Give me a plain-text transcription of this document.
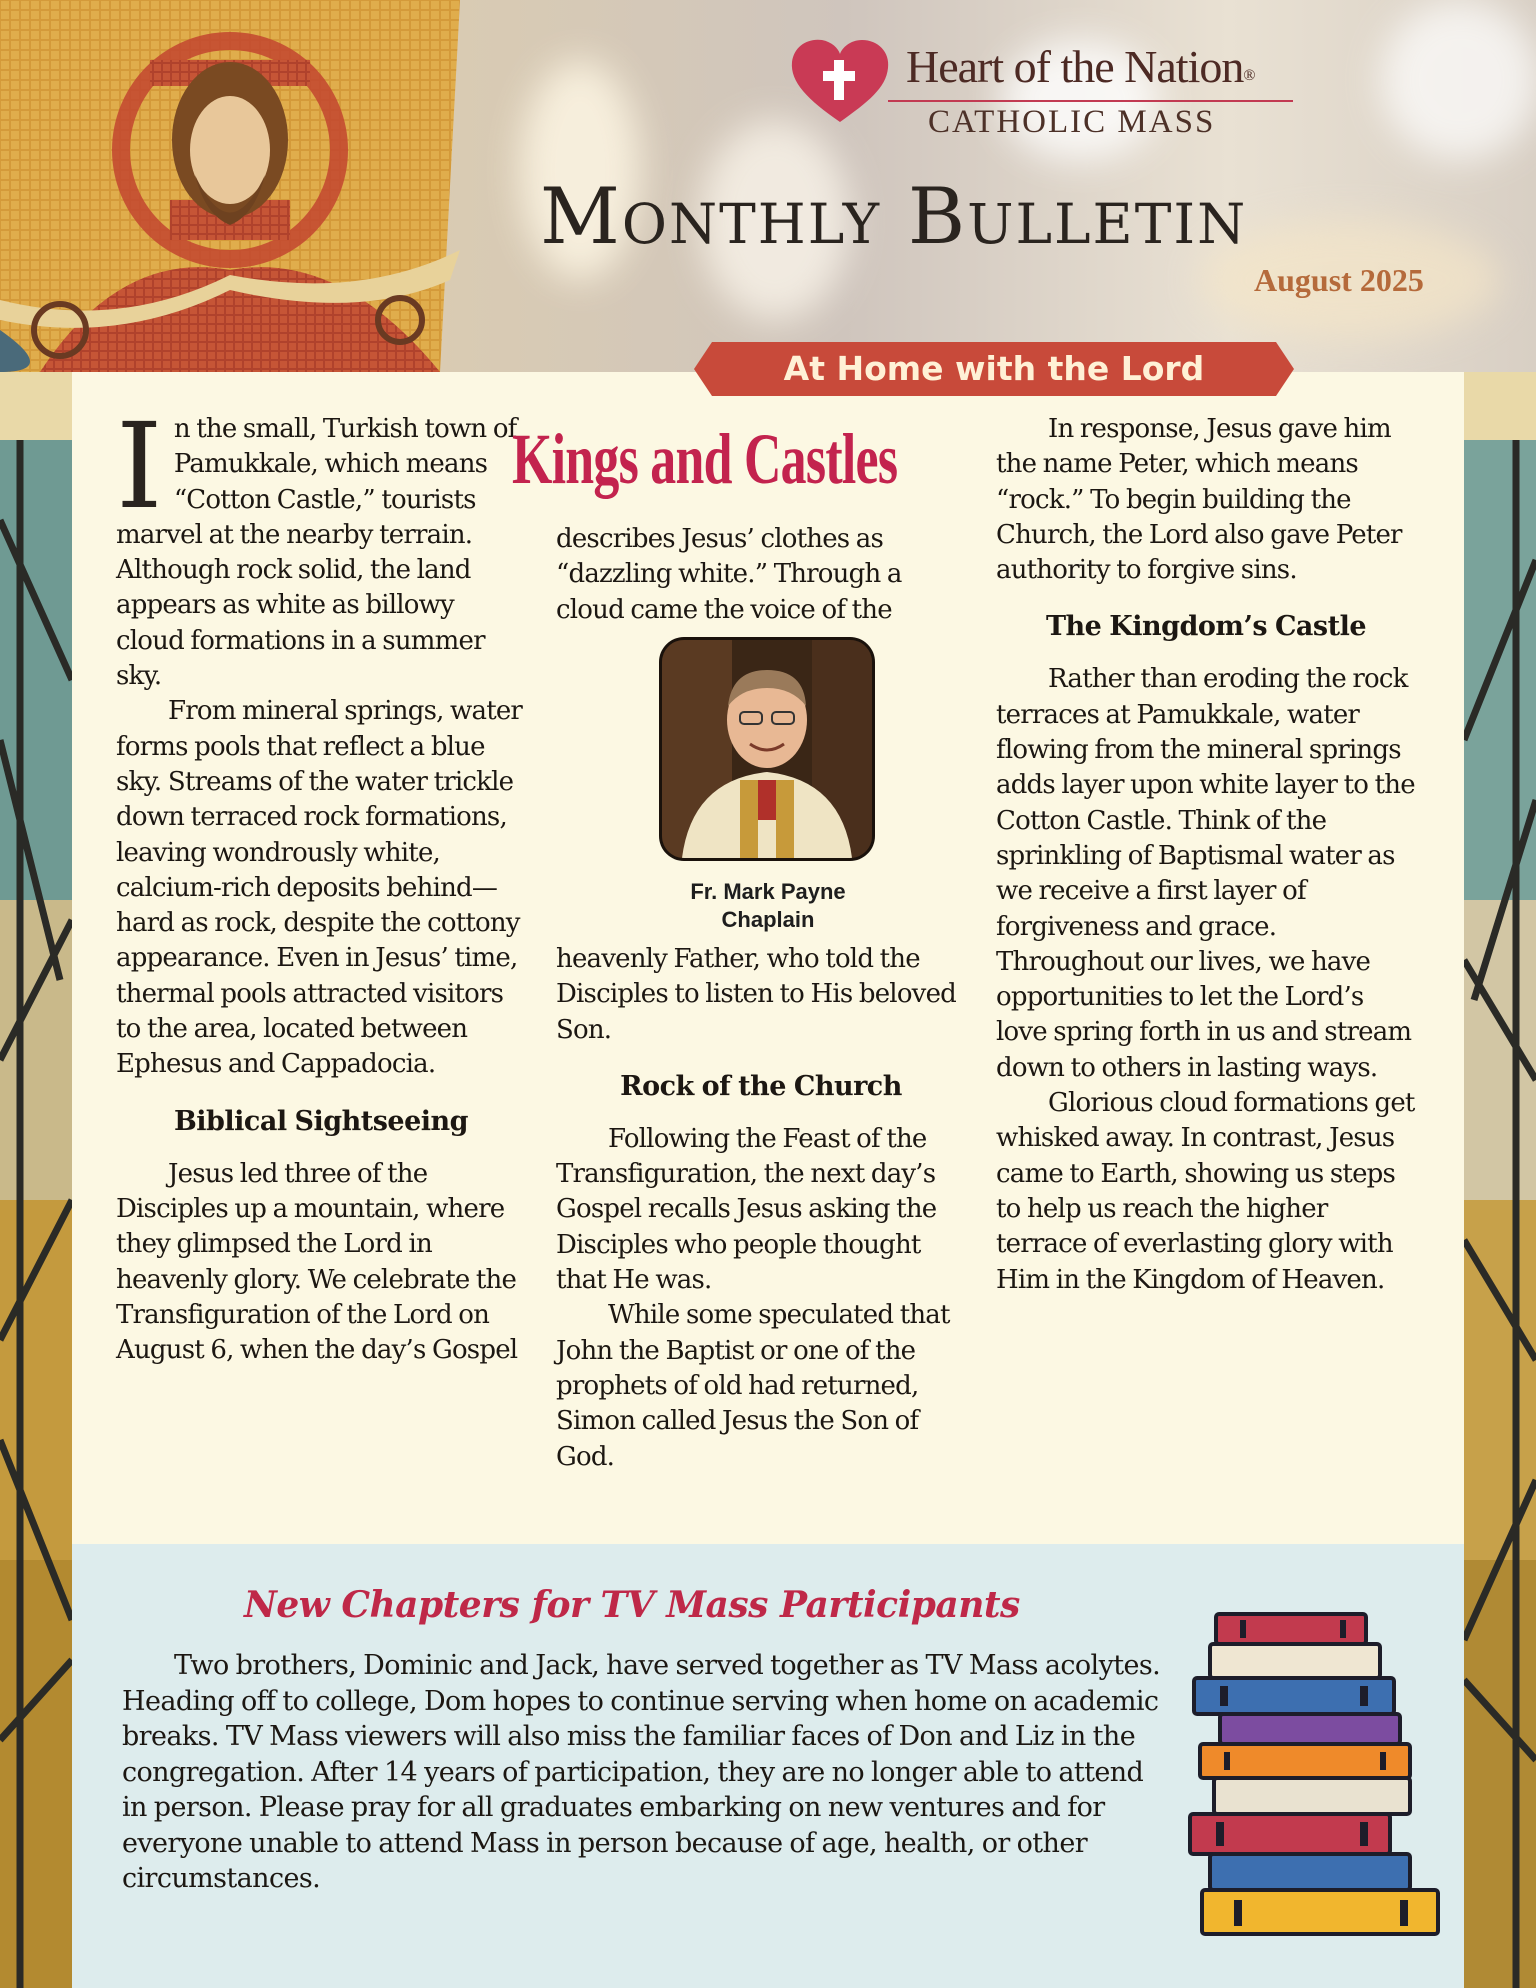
Heart of the Nation®
CATHOLIC MASS
Monthly Bulletin
August 2025
At Home with the Lord

In the small, Turkish town of Pamukkale, which means “Cotton Castle,” tourists marvel at the nearby terrain. Although rock solid, the land appears as white as billowy cloud formations in a summer sky.

From mineral springs, water forms pools that reflect a blue sky. Streams of the water trickle down terraced rock formations, leaving wondrously white, calcium-rich deposits behind—hard as rock, despite the cottony appearance. Even in Jesus’ time, thermal pools attracted visitors to the area, located between Ephesus and Cappadocia.

Biblical Sightseeing

Jesus led three of the Disciples up a mountain, where they glimpsed the Lord in heavenly glory. We celebrate the Transfiguration of the Lord on August 6, when the day’s Gospel

Kings and Castles

describes Jesus’ clothes as “dazzling white.” Through a cloud came the voice of the

Fr. Mark Payne
Chaplain

heavenly Father, who told the Disciples to listen to His beloved Son.

Rock of the Church

Following the Feast of the Transfiguration, the next day’s Gospel recalls Jesus asking the Disciples who people thought that He was.

While some speculated that John the Baptist or one of the prophets of old had returned, Simon called Jesus the Son of God.

In response, Jesus gave him the name Peter, which means “rock.” To begin building the Church, the Lord also gave Peter authority to forgive sins.

The Kingdom’s Castle

Rather than eroding the rock terraces at Pamukkale, water flowing from the mineral springs adds layer upon white layer to the Cotton Castle. Think of the sprinkling of Baptismal water as we receive a first layer of forgiveness and grace. Throughout our lives, we have opportunities to let the Lord’s love spring forth in us and stream down to others in lasting ways.

Glorious cloud formations get whisked away. In contrast, Jesus came to Earth, showing us steps to help us reach the higher terrace of everlasting glory with Him in the Kingdom of Heaven.

New Chapters for TV Mass Participants

Two brothers, Dominic and Jack, have served together as TV Mass acolytes. Heading off to college, Dom hopes to continue serving when home on academic breaks. TV Mass viewers will also miss the familiar faces of Don and Liz in the congregation. After 14 years of participation, they are no longer able to attend in person. Please pray for all graduates embarking on new ventures and for everyone unable to attend Mass in person because of age, health, or other circumstances.
